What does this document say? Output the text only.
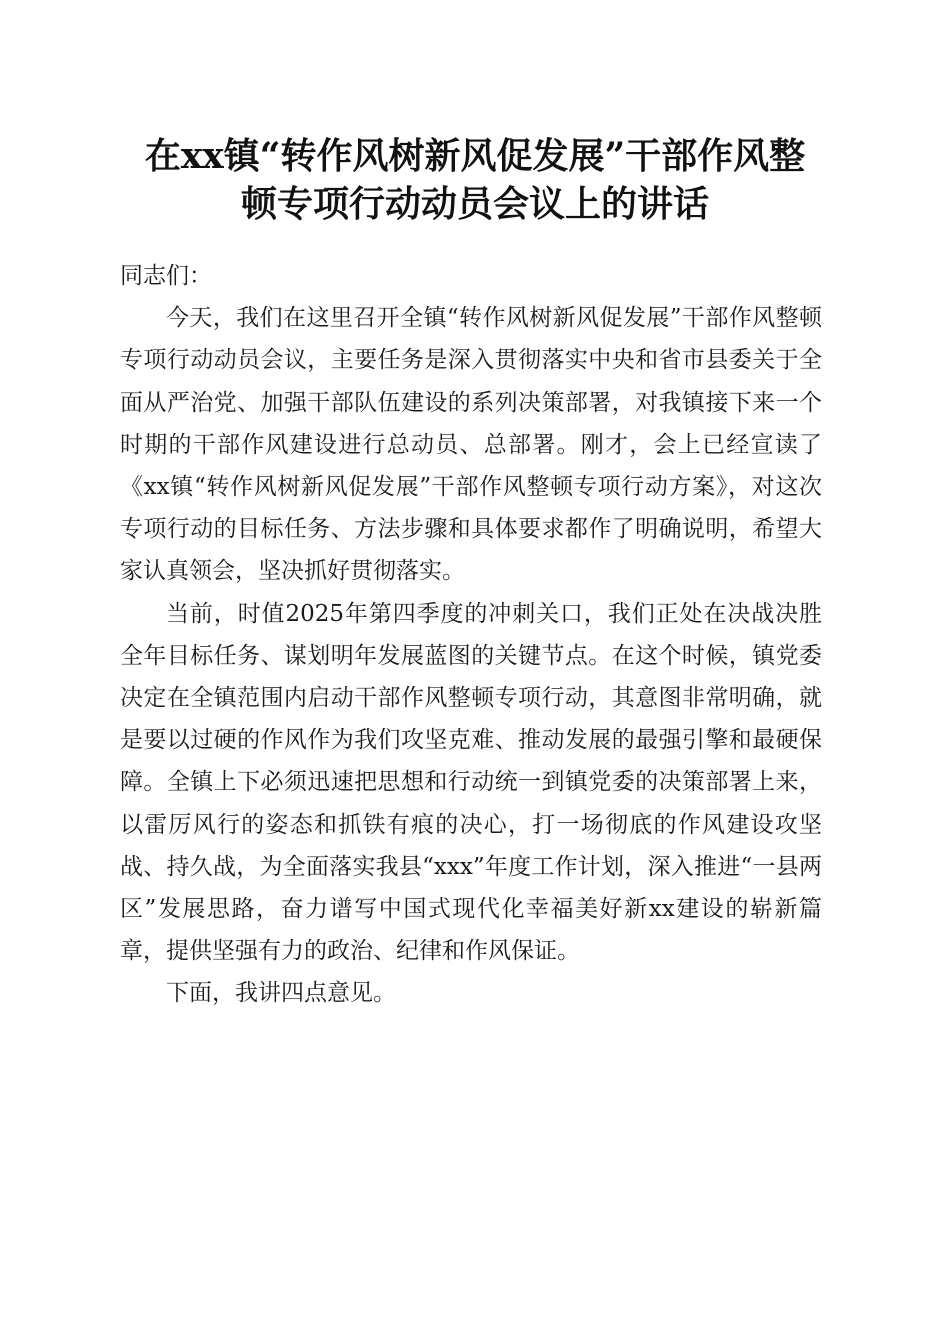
在xx镇“转作风树新风促发展”干部作风整
顿专项行动动员会议上的讲话

同志们：

今天，我们在这里召开全镇“转作风树新风促发展”干部作风整顿专项行动动员会议，主要任务是深入贯彻落实中央和省市县委关于全面从严治党、加强干部队伍建设的系列决策部署，对我镇接下来一个时期的干部作风建设进行总动员、总部署。刚才，会上已经宣读了《xx镇“转作风树新风促发展”干部作风整顿专项行动方案》，对这次专项行动的目标任务、方法步骤和具体要求都作了明确说明，希望大家认真领会，坚决抓好贯彻落实。

当前，时值2025年第四季度的冲刺关口，我们正处在决战决胜全年目标任务、谋划明年发展蓝图的关键节点。在这个时候，镇党委决定在全镇范围内启动干部作风整顿专项行动，其意图非常明确，就是要以过硬的作风作为我们攻坚克难、推动发展的最强引擎和最硬保障。全镇上下必须迅速把思想和行动统一到镇党委的决策部署上来，以雷厉风行的姿态和抓铁有痕的决心，打一场彻底的作风建设攻坚战、持久战，为全面落实我县“xxx”年度工作计划，深入推进“一县两区”发展思路，奋力谱写中国式现代化幸福美好新xx建设的崭新篇章，提供坚强有力的政治、纪律和作风保证。

下面，我讲四点意见。
